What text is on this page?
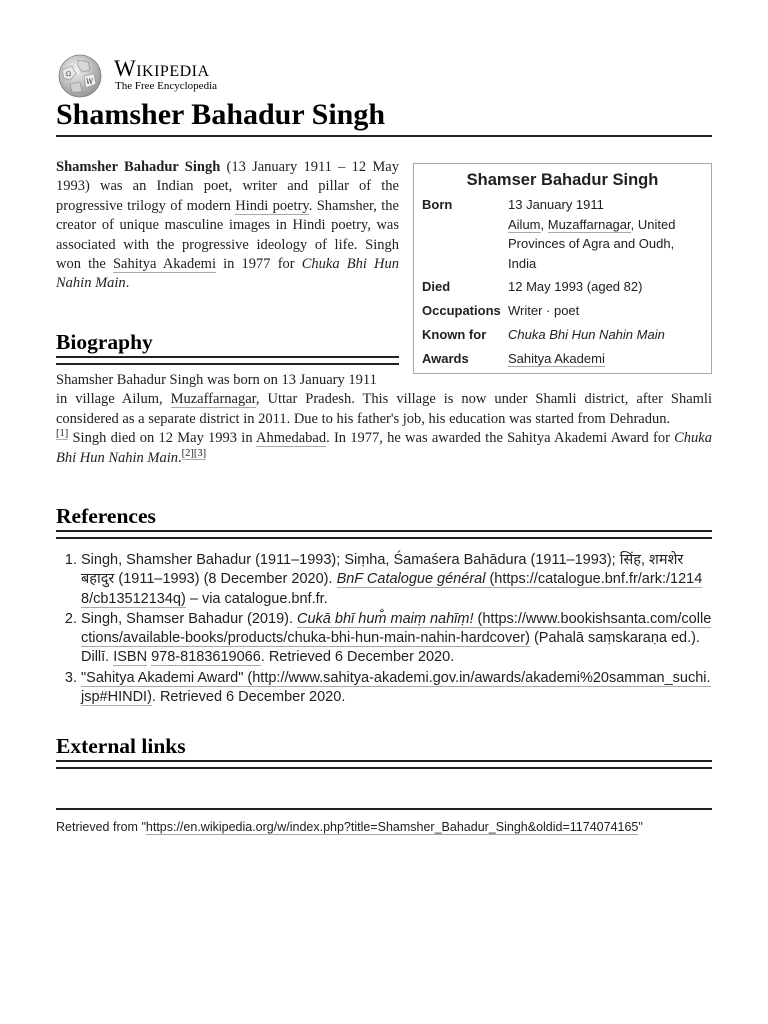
W
Ω Wikipedia
The Free Encyclopedia
Shamsher Bahadur Singh

Shamsher Bahadur Singh (13 January 1911 – 12 May 1993) was an Indian poet, writer and pillar of the progressive trilogy of modern Hindi poetry. Shamsher, the creator of unique masculine images in Hindi poetry, was associated with the progressive ideology of life. Singh won the Sahitya Akademi in 1977 for Chuka Bhi Hun Nahin Main.

Shamser Bahadur Singh
Born	13 January 1911
Ailum, Muzaffarnagar, United Provinces of Agra and Oudh, India
Died	12 May 1993 (aged 82)
Occupations Writer · poet
Known for	Chuka Bhi Hun Nahin Main
Awards	Sahitya Akademi
Biography

Shamsher Bahadur Singh was born on 13 January 1911
in village Ailum, Muzaffarnagar, Uttar Pradesh. This village is now under Shamli district, after Shamli considered as a separate district in 2011. Due to his father's job, his education was started from Dehradun.
[1] Singh died on 12 May 1993 in Ahmedabad. In 1977, he was awarded the Sahitya Akademi Award for Chuka Bhi Hun Nahin Main.[2][3]

References
1. Singh, Shamsher Bahadur (1911–1993); Siṃha, Śamaśera Bahādura (1911–1993); सिंह, शमशेर बहादुर (1911–1993) (8 December 2020). BnF Catalogue général (https://catalogue.bnf.fr/ark:/12148/cb13512134q) – via catalogue.bnf.fr.
2. Singh, Shamser Bahadur (2019). Cukā bhī hum̐ maiṃ nahīṃ! (https://www.bookishsanta.com/collections/available-books/products/chuka-bhi-hun-main-nahin-hardcover) (Pahalā saṃskaraṇa ed.). Dillī. ISBN 978-8183619066. Retrieved 6 December 2020.
3. "Sahitya Akademi Award" (http://www.sahitya-akademi.gov.in/awards/akademi%20samman_suchi.jsp#HINDI). Retrieved 6 December 2020.
External links
Retrieved from "https://en.wikipedia.org/w/index.php?title=Shamsher_Bahadur_Singh&oldid=1174074165"
